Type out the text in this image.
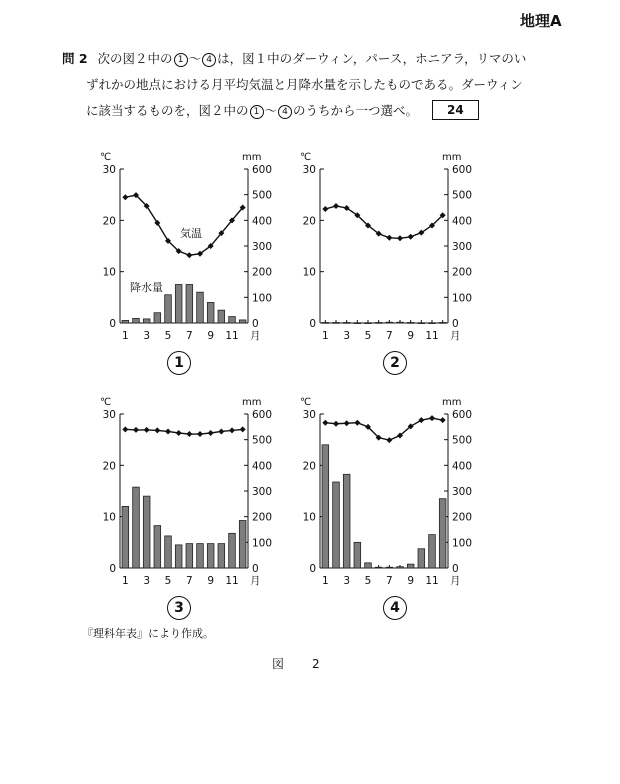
地理A
問 2 次の図２中の 1 〜 4 は，図１中のダーウィン，パース，ホニアラ，リマのい
ずれかの地点における月平均気温と月降水量を示したものである。ダーウィン
に該当するものを，図２中の 1 〜 4 のうちから一つ選べ。 24
℃	mm
0
10
20
30
0
100
200
300
400
500
600
1 3 5 7 9 11 月
気温
降水量
1
℃	mm
0
10
20
30
0
100
200
300
400
500
600
1 3 5 7 9 11 月
2
℃	mm
0
10
20
30
0
100
200
300
400
500
600
1 3 5 7 9 11 月
3
℃	mm
0
10
20
30
0
100
200
300
400
500
600
1 3 5 7 9 11 月
4
『理科年表』により作成。
図　2
